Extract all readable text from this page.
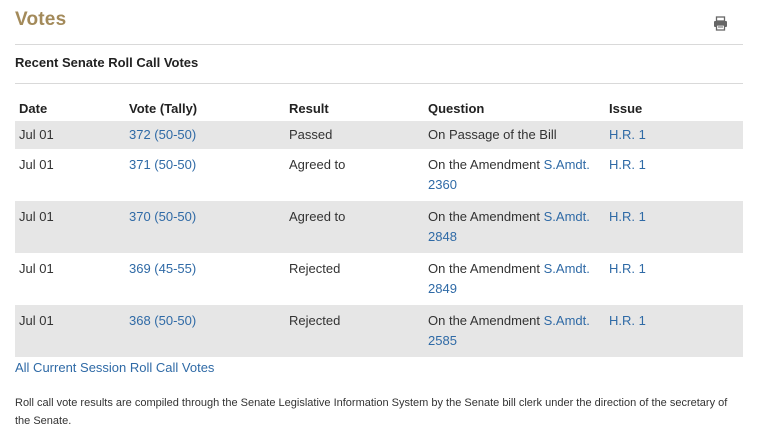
Votes
Recent Senate Roll Call Votes
Date	Vote (Tally)	Result	Question	Issue
Jul 01	372 (50-50)	Passed	On Passage of the Bill	H.R. 1
Jul 01	371 (50-50)	Agreed to	On the Amendment S.Amdt. 2360	H.R. 1
Jul 01	370 (50-50)	Agreed to	On the Amendment S.Amdt. 2848	H.R. 1
Jul 01	369 (45-55)	Rejected	On the Amendment S.Amdt. 2849	H.R. 1
Jul 01	368 (50-50)	Rejected	On the Amendment S.Amdt. 2585	H.R. 1
All Current Session Roll Call Votes
Roll call vote results are compiled through the Senate Legislative Information System by the Senate bill clerk under the direction of the secretary of the Senate.
